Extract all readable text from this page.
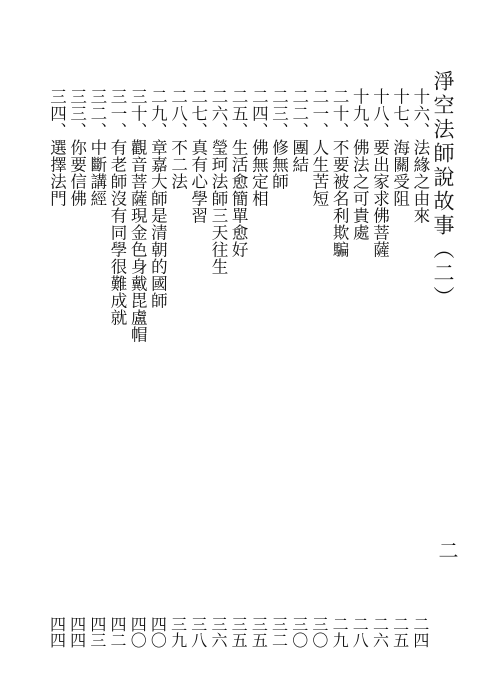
淨空法師說故事（二）
十六、法緣之由來
二四
十七、海關受阻
二五
十八、要出家求佛菩薩
二六
十九、佛法之可貴處
二八
二十、不要被名利欺騙
二九
二一、人生苦短
三〇
二二、團結
三〇
二三、修無師
三二
二四、佛無定相
三五
二五、生活愈簡單愈好
三五
二六、瑩珂法師三天往生
三六
二七、真有心學習
三八
二八、不二法
三九
二九、章嘉大師是清朝的國師
四〇
三十、觀音菩薩現金色身戴毘盧帽
四〇
三一、有老師沒有同學很難成就
四二
三二、中斷講經
四三
三三、你要信佛
四四
三四、選擇法門
四四
二
